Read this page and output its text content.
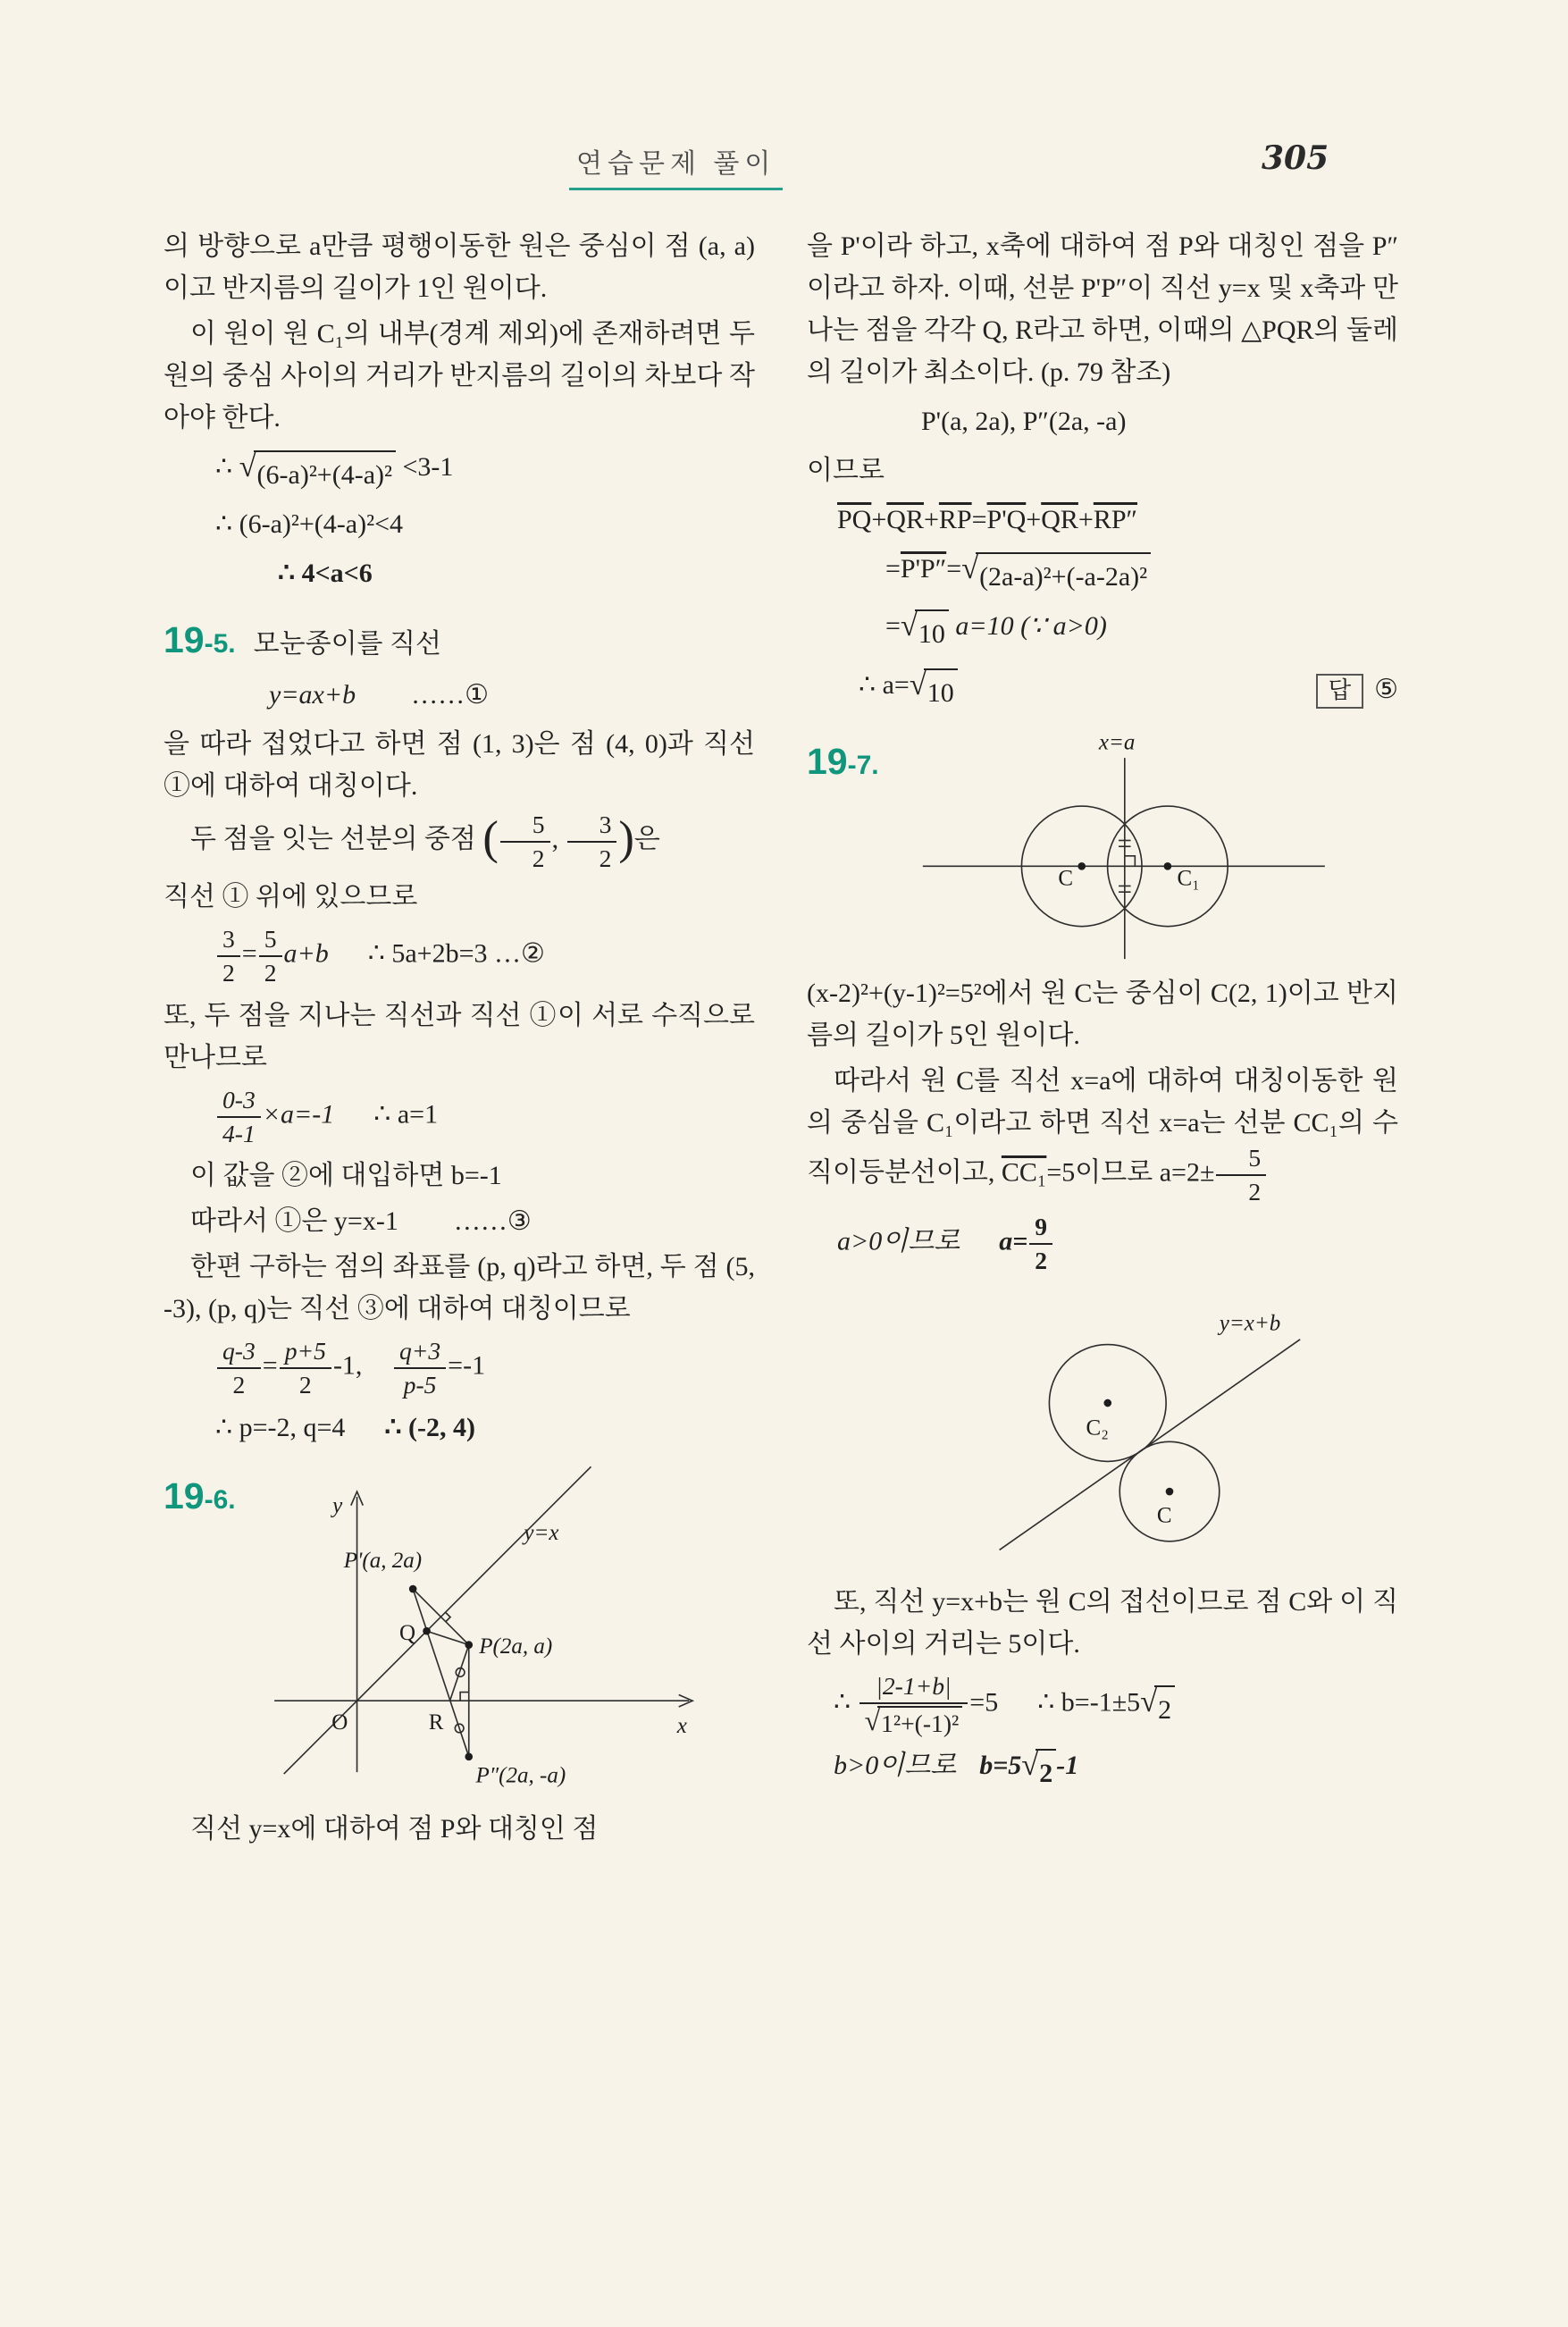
연습문제 풀이	305

의 방향으로 a만큼 평행이동한 원은 중심이 점 (a, a)이고 반지름의 길이가 1인 원이다.

이 원이 원 C₁의 내부(경계 제외)에 존재하려면 두 원의 중심 사이의 거리가 반지름의 길이의 차보다 작아야 한다.

∴ √ (6-a)²+(4-a)² <3-1
∴ (6-a)²+(4-a)²<4
∴ 4<a<6
19-5. 모눈종이를 직선
y=ax+b ……①

을 따라 접었다고 하면 점 (1, 3)은 점 (4, 0)과 직선 ①에 대하여 대칭이다.

두 점을 잇는 선분의 중점 ( $\frac{5}{2}$ , $\frac{3}{2}$ )은

직선 ① 위에 있으므로

$\frac{3}{2} = \frac{5}{2} a+b$ ∴ 5a+2b=3 …②

또, 두 점을 지나는 직선과 직선 ①이 서로 수직으로 만나므로

$\frac{0-3}{4-1} \times a=-1$ ∴ a=1

이 값을 ②에 대입하면 b=-1

따라서 ①은 y=x-1 ……③

한편 구하는 점의 좌표를 (p, q)라고 하면, 두 점 (5, -3), (p, q)는 직선 ③에 대하여 대칭이므로

$\frac{q-3}{2} = \frac{p+5}{2} -1$, $\frac{q+3}{p-5} =-1$
∴ p=-2, q=4 ∴ (-2, 4)
19-6.	y
P'(a, 2a)
y=x
Q
P(2a, a)
O	R	x
P″(2a, -a)

직선 y=x에 대하여 점 P와 대칭인 점

을 P'이라 하고, x축에 대하여 점 P와 대칭인 점을 P″이라고 하자. 이때, 선분 P'P″이 직선 y=x 및 x축과 만나는 점을 각각 Q, R라고 하면, 이때의 △PQR의 둘레의 길이가 최소이다. (p. 79 참조)

P'(a, 2a), P″(2a, -a)

이므로

$\overline{PQ}+\overline{QR}+\overline{RP}=P'Q+\overline{QR}+RP''$
=P'P″= √ (2a-a)²+(-a-2a)²
= √ 10 a=10 (∵ a>0)
∴ a= √ 10	답 ⑤
19-7.
x=a
C	C₁

(x-2)²+(y-1)²=5²에서 원 C는 중심이 C(2, 1)이고 반지름의 길이가 5인 원이다.

따라서 원 C를 직선 x=a에 대하여 대칭이동한 원의 중심을 C₁이라고 하면 직선 x=a는 선분 CC₁의 수직이등분선이고, CC₁=5이므로 $a=2\pm \frac{5}{2}$

a>0이므로 $a= \frac{9}{2}$
y=x+b
C₂
C

또, 직선 y=x+b는 원 C의 접선이므로 점 C와 이 직선 사이의 거리는 5이다.

∴ $\frac{|2-1+b|}{\text{√ 1²+(-1)²}} =5$ ∴ b=-1±5 √ 2
b>0이므로 b=5 √ 2 -1
